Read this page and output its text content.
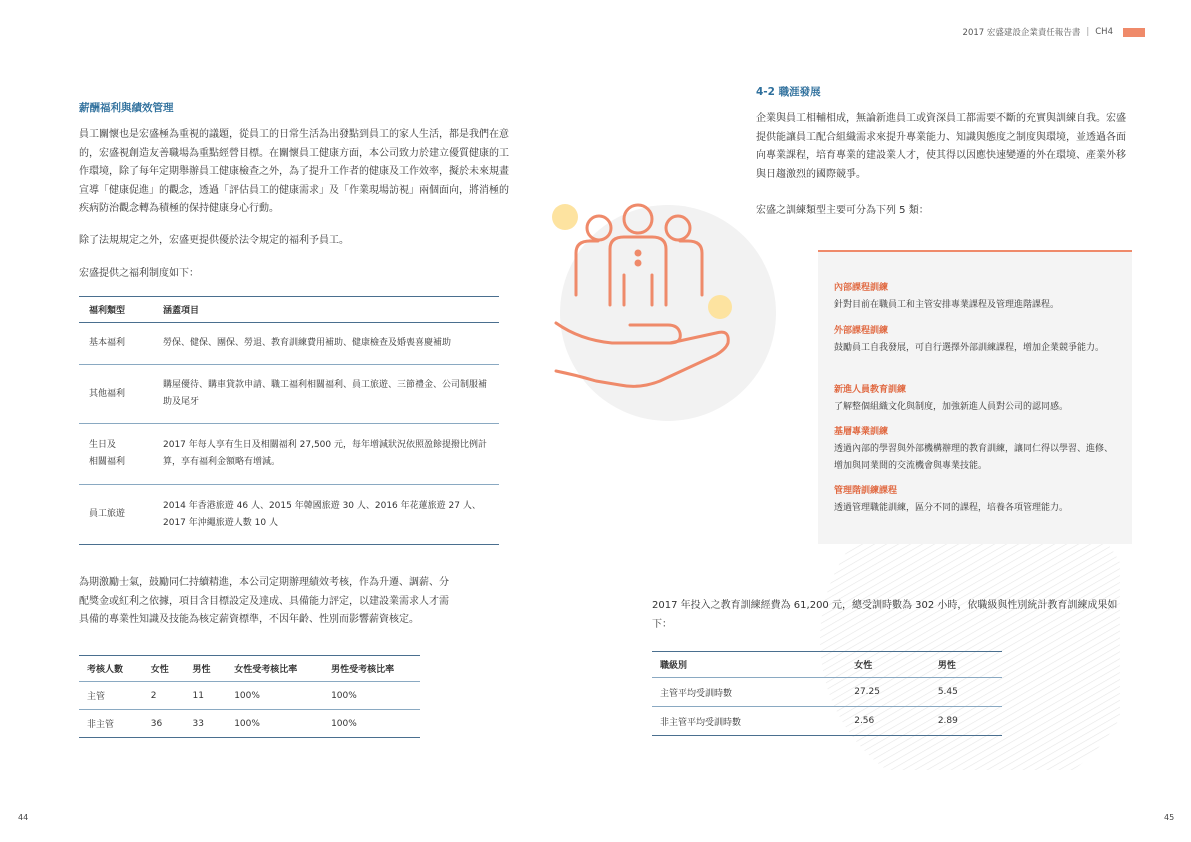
2017 宏盛建設企業責任報告書 | CH4
薪酬福利與績效管理
員工關懷也是宏盛極為重視的議題，從員工的日常生活為出發點到員工的家人生活，都是我們在意的，宏盛視創造友善職場為重點經營目標。在關懷員工健康方面，本公司致力於建立優質健康的工作環境，除了每年定期舉辦員工健康檢查之外，為了提升工作者的健康及工作效率，擬於未來規畫宣導「健康促進」的觀念，透過「評估員工的健康需求」及「作業現場訪視」兩個面向，將消極的疾病防治觀念轉為積極的保持健康身心行動。
除了法規規定之外，宏盛更提供優於法令規定的福利予員工。
宏盛提供之福利制度如下：
福利類型	涵蓋項目
基本福利	勞保、健保、團保、勞退、教育訓練費用補助、健康檢查及婚喪喜慶補助
其他福利	購屋優待、購車貸款申請、職工福利相關福利、員工旅遊、三節禮金、公司制服補助及尾牙

生日及
相關福利	2017 年每人享有生日及相關福利 27,500 元，每年增減狀況依照盈餘提撥比例計算，享有福利金額略有增減。
員工旅遊	2014 年香港旅遊 46 人、2015 年韓國旅遊 30 人、2016 年花蓮旅遊 27 人、2017 年沖繩旅遊人數 10 人
為期激勵士氣，鼓勵同仁持續精進，本公司定期辦理績效考核，作為升遷、調薪、分配獎金或紅利之依據，項目含目標設定及達成、具備能力評定，以建設業需求人才需具備的專業性知識及技能為核定薪資標準，不因年齡、性別而影響薪資核定。
考核人數	女性	男性	女性受考核比率	男性受考核比率
主管	2	11	100%	100%
非主管	36	33	100%	100%
44
4-2 職涯發展
企業與員工相輔相成，無論新進員工或資深員工都需要不斷的充實與訓練自我。宏盛提供能讓員工配合組織需求來提升專業能力、知識與態度之制度與環境，並透過各面向專業課程，培育專業的建設業人才，使其得以因應快速變遷的外在環境、產業外移與日趨激烈的國際競爭。
宏盛之訓練類型主要可分為下列 5 類：
內部課程訓練
針對目前在職員工和主管安排專業課程及管理進階課程。
外部課程訓練
鼓勵員工自我發展，可自行選擇外部訓練課程，增加企業競爭能力。
新進人員教育訓練
了解整個組織文化與制度，加強新進人員對公司的認同感。
基層專業訓練
透過內部的學習與外部機構辦理的教育訓練，讓同仁得以學習、進修、增加與同業間的交流機會與專業技能。
管理階訓練課程
透過管理職能訓練，區分不同的課程，培養各項管理能力。
2017 年投入之教育訓練經費為 61,200 元，總受訓時數為 302 小時，依職級與性別統計教育訓練成果如下：
職級別	女性	男性
主管平均受訓時數	27.25	5.45
非主管平均受訓時數	2.56	2.89
45
